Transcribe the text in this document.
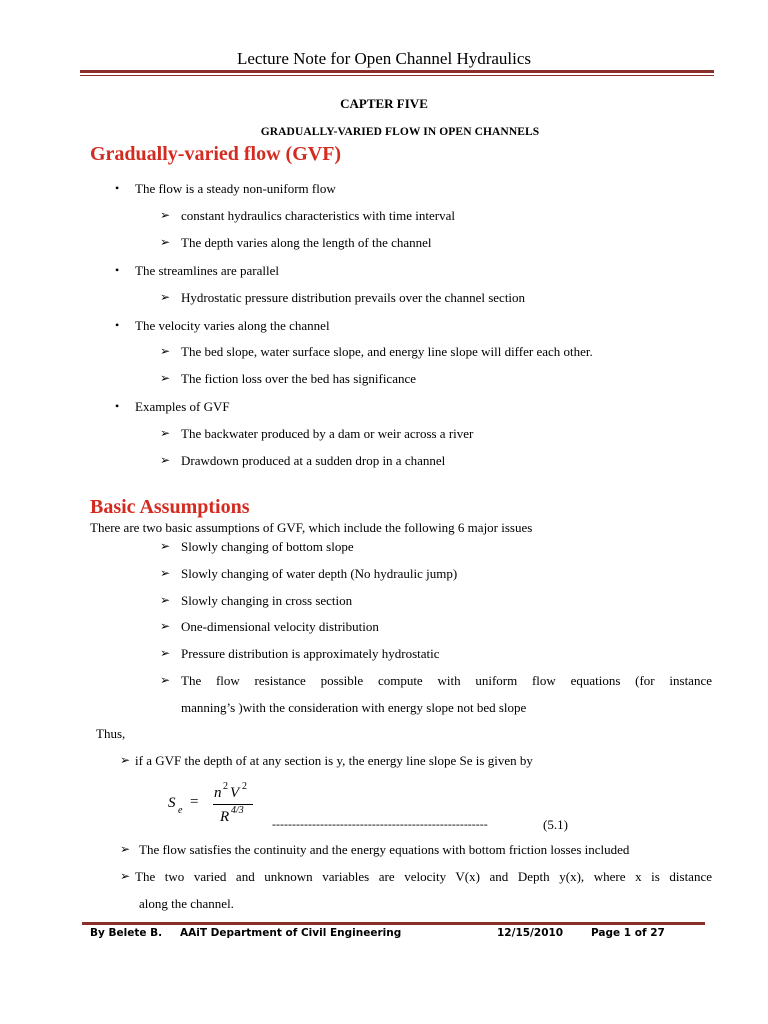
Lecture Note for Open Channel Hydraulics
CAPTER FIVE
GRADUALLY-VARIED FLOW IN OPEN CHANNELS
Gradually-varied flow (GVF)
• The flow is a steady non-uniform flow
➢ constant hydraulics characteristics with time interval
➢ The depth varies along the length of the channel
• The streamlines are parallel
➢ Hydrostatic pressure distribution prevails over the channel section
• The velocity varies along the channel
➢ The bed slope, water surface slope, and energy line slope will differ each other.
➢ The fiction loss over the bed has significance
• Examples of GVF
➢ The backwater produced by a dam or weir across a river
➢ Drawdown produced at a sudden drop in a channel
Basic Assumptions
There are two basic assumptions of GVF, which include the following 6 major issues
➢ Slowly changing of bottom slope
➢ Slowly changing of water depth (No hydraulic jump)
➢ Slowly changing in cross section
➢ One-dimensional velocity distribution
➢ Pressure distribution is approximately hydrostatic
➢ The flow resistance possible compute with uniform flow equations (for instance
manning’s )with the consideration with energy slope not bed slope
Thus,
➢ if a GVF the depth of at any section is y, the energy line slope Se is given by
S e
=
n 2 V 2
R 4/3
------------------------------------------------------	(5.1)
➢ The flow satisfies the continuity and the energy equations with bottom friction losses included
➢ The two varied and unknown variables are velocity V(x) and Depth y(x), where x is distance
along the channel.
By Belete B. AAiT Department of Civil Engineering	12/15/2010	Page 1 of 27
